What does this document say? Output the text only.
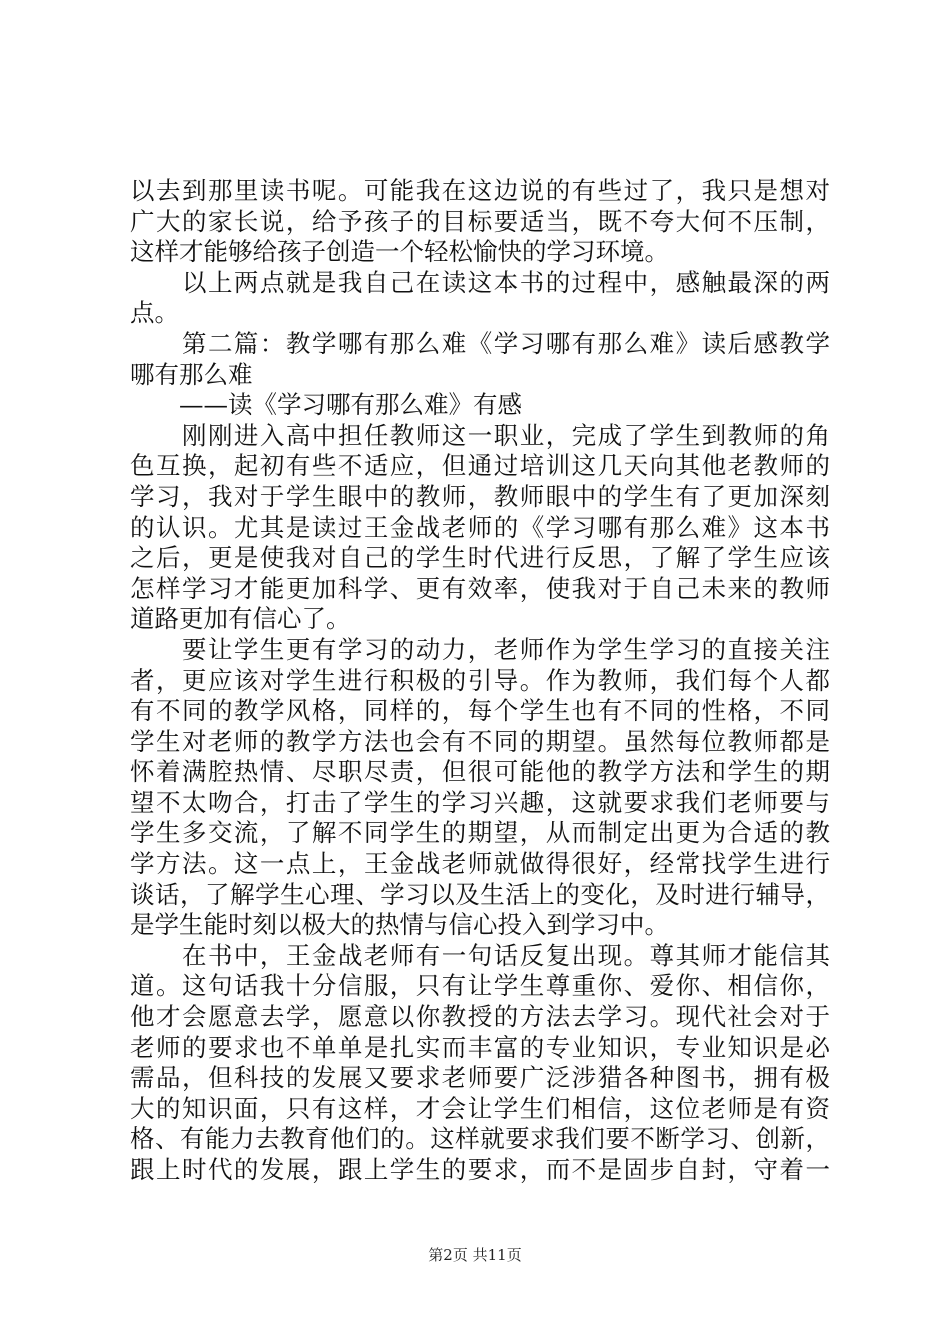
以去到那里读书呢。可能我在这边说的有些过了，我只是想对
广大的家长说，给予孩子的目标要适当，既不夸大何不压制，
这样才能够给孩子创造一个轻松愉快的学习环境。
　　以上两点就是我自己在读这本书的过程中，感触最深的两
点。
　　第二篇：教学哪有那么难《学习哪有那么难》读后感教学
哪有那么难
　　——读《学习哪有那么难》有感
　　刚刚进入高中担任教师这一职业，完成了学生到教师的角
色互换，起初有些不适应，但通过培训这几天向其他老教师的
学习，我对于学生眼中的教师，教师眼中的学生有了更加深刻
的认识。尤其是读过王金战老师的《学习哪有那么难》这本书
之后，更是使我对自己的学生时代进行反思，了解了学生应该
怎样学习才能更加科学、更有效率，使我对于自己未来的教师
道路更加有信心了。
　　要让学生更有学习的动力，老师作为学生学习的直接关注
者，更应该对学生进行积极的引导。作为教师，我们每个人都
有不同的教学风格，同样的，每个学生也有不同的性格，不同
学生对老师的教学方法也会有不同的期望。虽然每位教师都是
怀着满腔热情、尽职尽责，但很可能他的教学方法和学生的期
望不太吻合，打击了学生的学习兴趣，这就要求我们老师要与
学生多交流，了解不同学生的期望，从而制定出更为合适的教
学方法。这一点上，王金战老师就做得很好，经常找学生进行
谈话，了解学生心理、学习以及生活上的变化，及时进行辅导，
是学生能时刻以极大的热情与信心投入到学习中。
　　在书中，王金战老师有一句话反复出现。尊其师才能信其
道。这句话我十分信服，只有让学生尊重你、爱你、相信你，
他才会愿意去学，愿意以你教授的方法去学习。现代社会对于
老师的要求也不单单是扎实而丰富的专业知识，专业知识是必
需品，但科技的发展又要求老师要广泛涉猎各种图书，拥有极
大的知识面，只有这样，才会让学生们相信，这位老师是有资
格、有能力去教育他们的。这样就要求我们要不断学习、创新，
跟上时代的发展，跟上学生的要求，而不是固步自封，守着一
第2页 共11页
